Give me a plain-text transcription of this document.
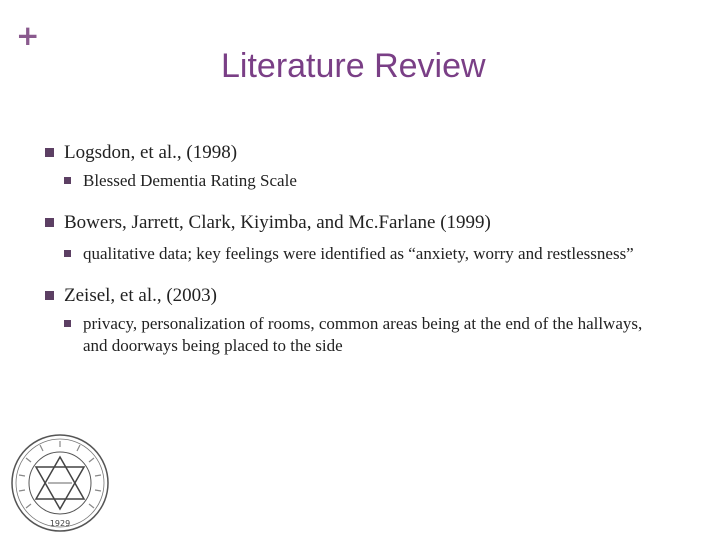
+
Literature Review
Logsdon, et al., (1998)
Blessed Dementia Rating Scale
Bowers, Jarrett, Clark, Kiyimba, and Mc.Farlane (1999)
qualitative data; key feelings were identified as “anxiety, worry and restlessness”
Zeisel, et al., (2003)
privacy, personalization of rooms, common areas being at the end of the hallways, and doorways being placed to the side
1929
